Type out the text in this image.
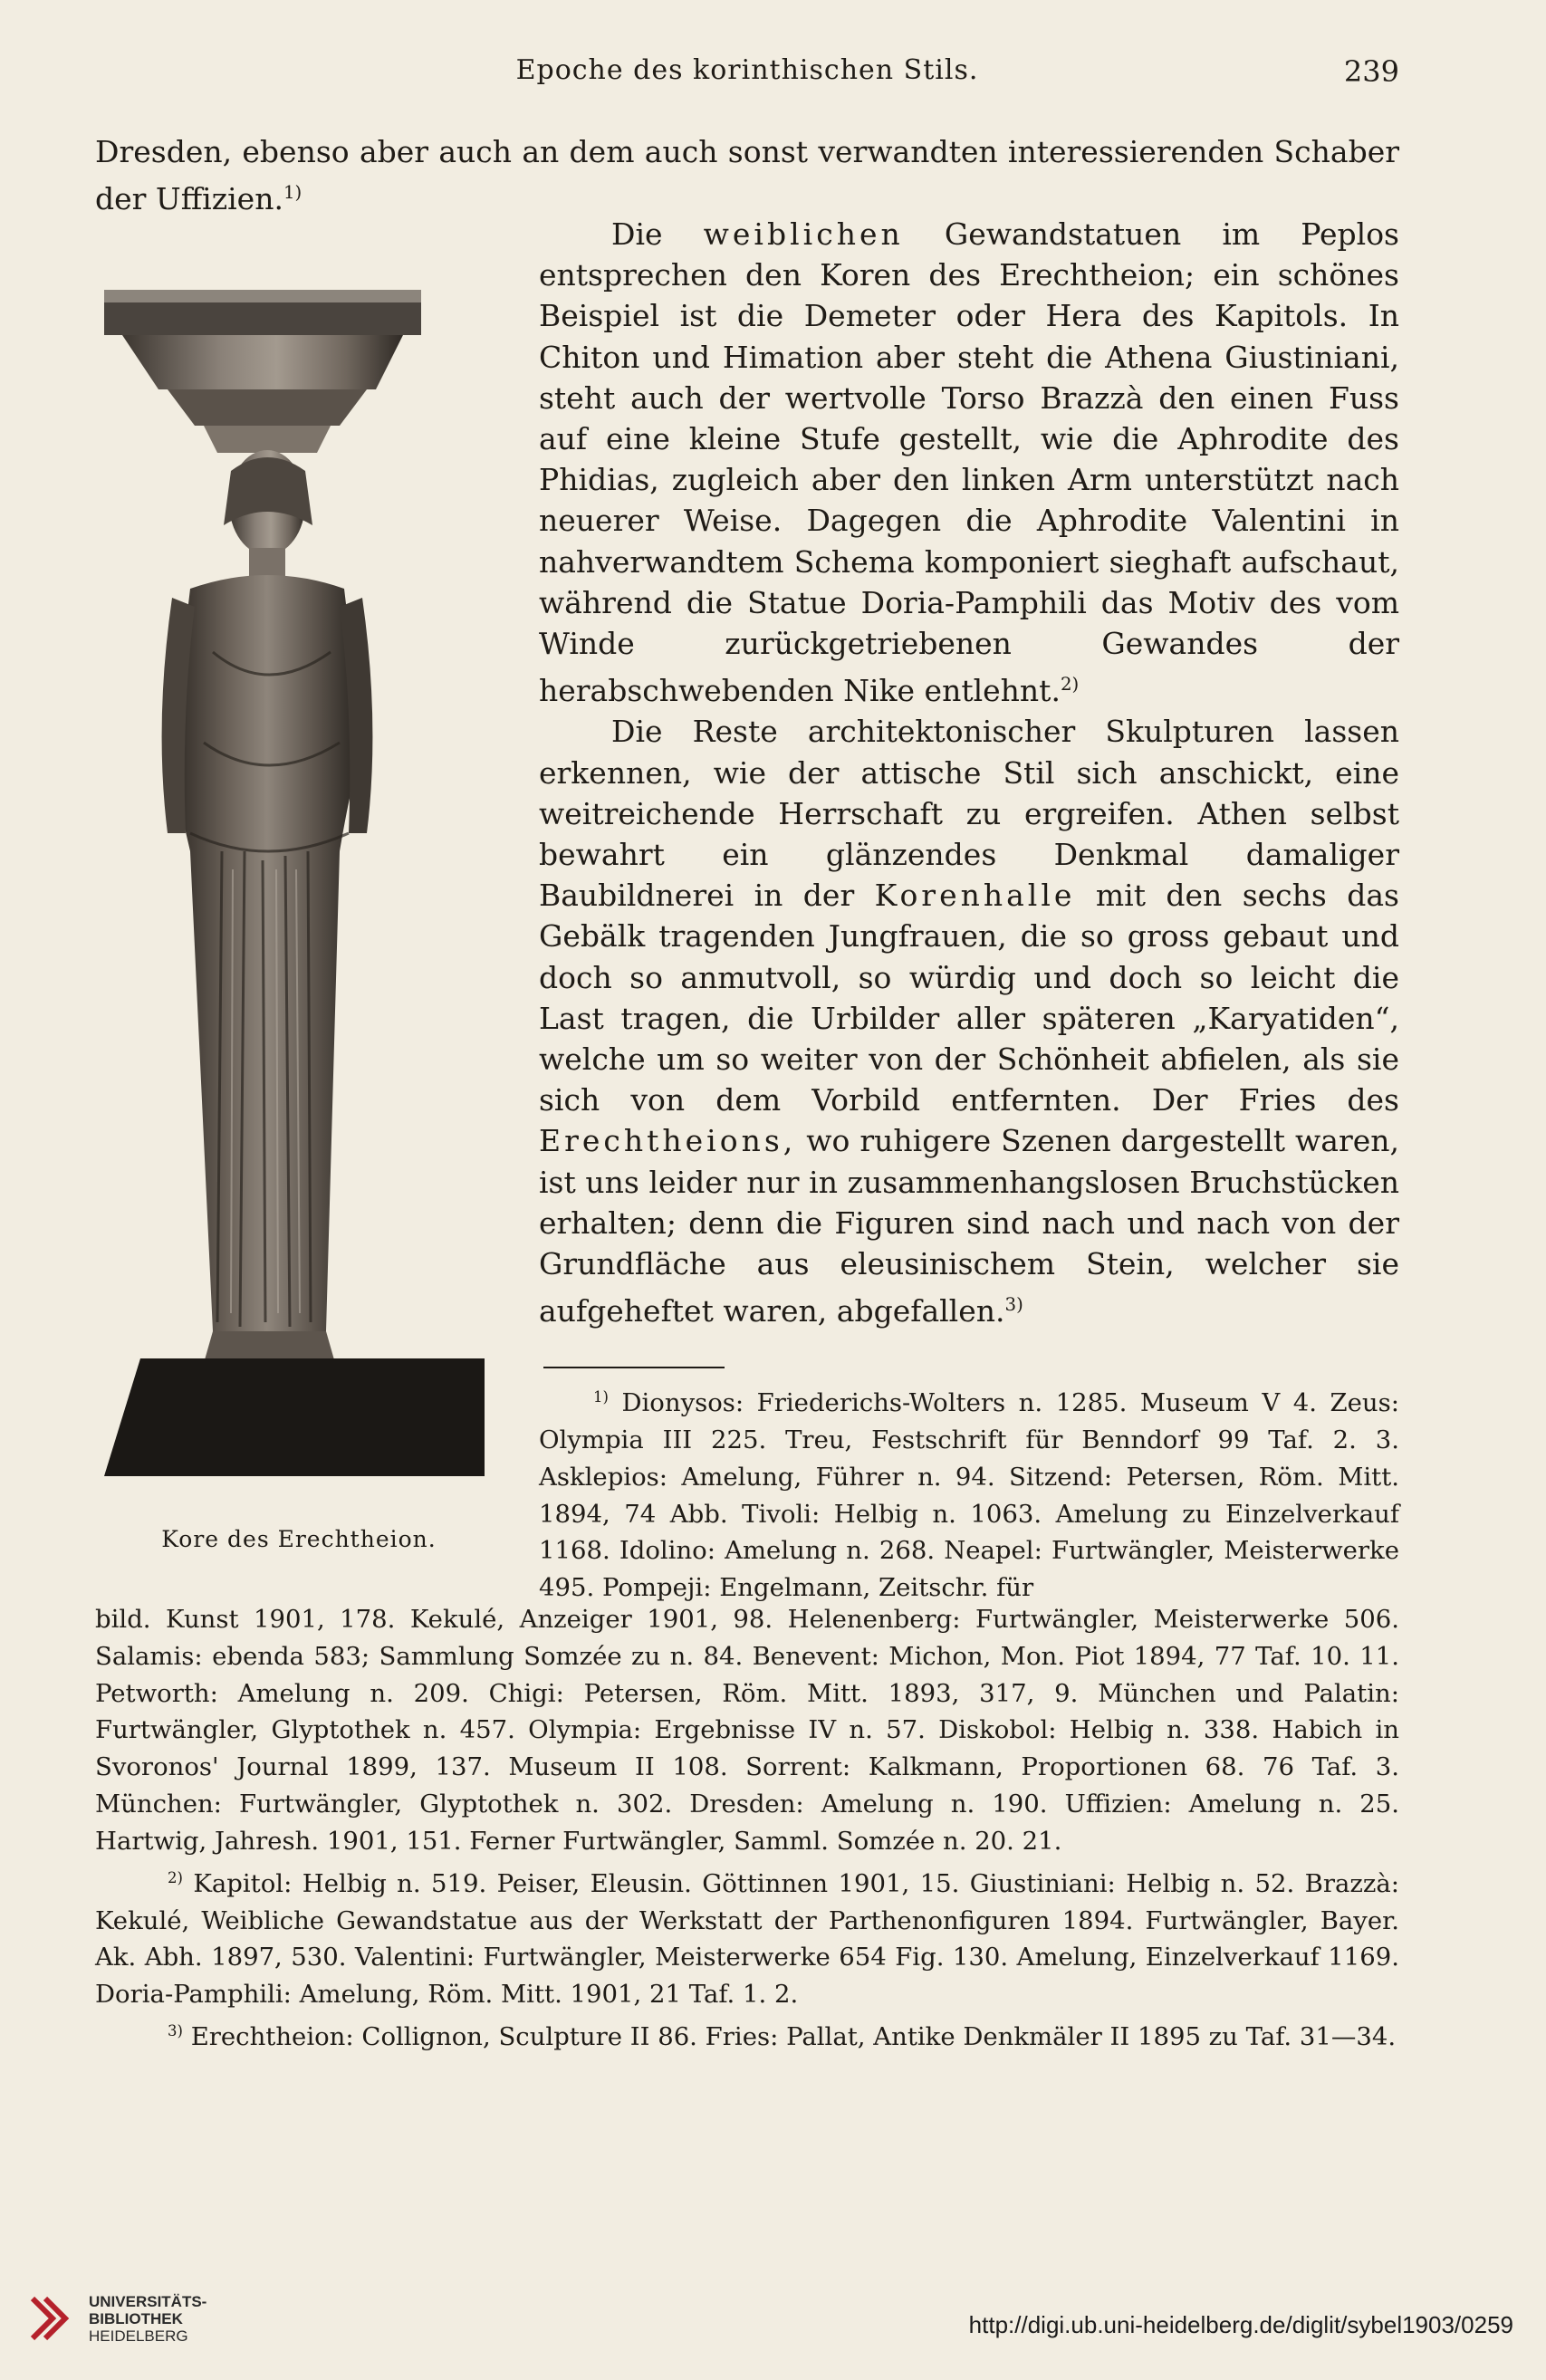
Epoche des korinthischen Stils.	239

Dresden, ebenso aber auch an dem auch sonst verwandten interessierenden Schaber der Uffizien.$^{1)}$

Kore des Erechtheion.

Die weiblichen Gewandstatuen im Peplos entsprechen den Koren des Erechtheion; ein schönes Beispiel ist die Demeter oder Hera des Kapitols. In Chiton und Himation aber steht die Athena Giustiniani, steht auch der wertvolle Torso Brazzà den einen Fuss auf eine kleine Stufe gestellt, wie die Aphrodite des Phidias, zugleich aber den linken Arm unterstützt nach neuerer Weise. Dagegen die Aphrodite Valentini in nahverwandtem Schema komponiert sieghaft aufschaut, während die Statue Doria-Pamphili das Motiv des vom Winde zurückgetriebenen Gewandes der herabschwebenden Nike entlehnt.$^{2)}$

Die Reste architektonischer Skulpturen lassen erkennen, wie der attische Stil sich anschickt, eine weitreichende Herrschaft zu ergreifen. Athen selbst bewahrt ein glänzendes Denkmal damaliger Baubildnerei in der Korenhalle mit den sechs das Gebälk tragenden Jungfrauen, die so gross gebaut und doch so anmutvoll, so würdig und doch so leicht die Last tragen, die Urbilder aller späteren „Karyatiden“, welche um so weiter von der Schönheit abfielen, als sie sich von dem Vorbild entfernten. Der Fries des Erechtheions, wo ruhigere Szenen dargestellt waren, ist uns leider nur in zusammenhangslosen Bruchstücken erhalten; denn die Figuren sind nach und nach von der Grundfläche aus eleusinischem Stein, welcher sie aufgeheftet waren, abgefallen.$^{3)}$

$^{1)}$ Dionysos: Friederichs-Wolters n. 1285. Museum V 4. Zeus: Olympia III 225. Treu, Festschrift für Benndorf 99 Taf. 2. 3. Asklepios: Amelung, Führer n. 94. Sitzend: Petersen, Röm. Mitt. 1894, 74 Abb. Tivoli: Helbig n. 1063. Amelung zu Einzelverkauf 1168. Idolino: Amelung n. 268. Neapel: Furtwängler, Meisterwerke 495. Pompeji: Engelmann, Zeitschr. für

bild. Kunst 1901, 178. Kekulé, Anzeiger 1901, 98. Helenenberg: Furtwängler, Meisterwerke 506. Salamis: ebenda 583; Sammlung Somzée zu n. 84. Benevent: Michon, Mon. Piot 1894, 77 Taf. 10. 11. Petworth: Amelung n. 209. Chigi: Petersen, Röm. Mitt. 1893, 317, 9. München und Palatin: Furtwängler, Glyptothek n. 457. Olympia: Ergebnisse IV n. 57. Diskobol: Helbig n. 338. Habich in Svoronos' Journal 1899, 137. Museum II 108. Sorrent: Kalkmann, Proportionen 68. 76 Taf. 3. München: Furtwängler, Glyptothek n. 302. Dresden: Amelung n. 190. Uffizien: Amelung n. 25. Hartwig, Jahresh. 1901, 151. Ferner Furtwängler, Samml. Somzée n. 20. 21.

$^{2)}$ Kapitol: Helbig n. 519. Peiser, Eleusin. Göttinnen 1901, 15. Giustiniani: Helbig n. 52. Brazzà: Kekulé, Weibliche Gewandstatue aus der Werkstatt der Parthenonfiguren 1894. Furtwängler, Bayer. Ak. Abh. 1897, 530. Valentini: Furtwängler, Meisterwerke 654 Fig. 130. Amelung, Einzelverkauf 1169. Doria-Pamphili: Amelung, Röm. Mitt. 1901, 21 Taf. 1. 2.

$^{3)}$ Erechtheion: Collignon, Sculpture II 86. Fries: Pallat, Antike Denkmäler II 1895 zu Taf. 31—34.

UNIVERSITÄTS-
BIBLIOTHEK
HEIDELBERG	http://digi.ub.uni-heidelberg.de/diglit/sybel1903/0259
